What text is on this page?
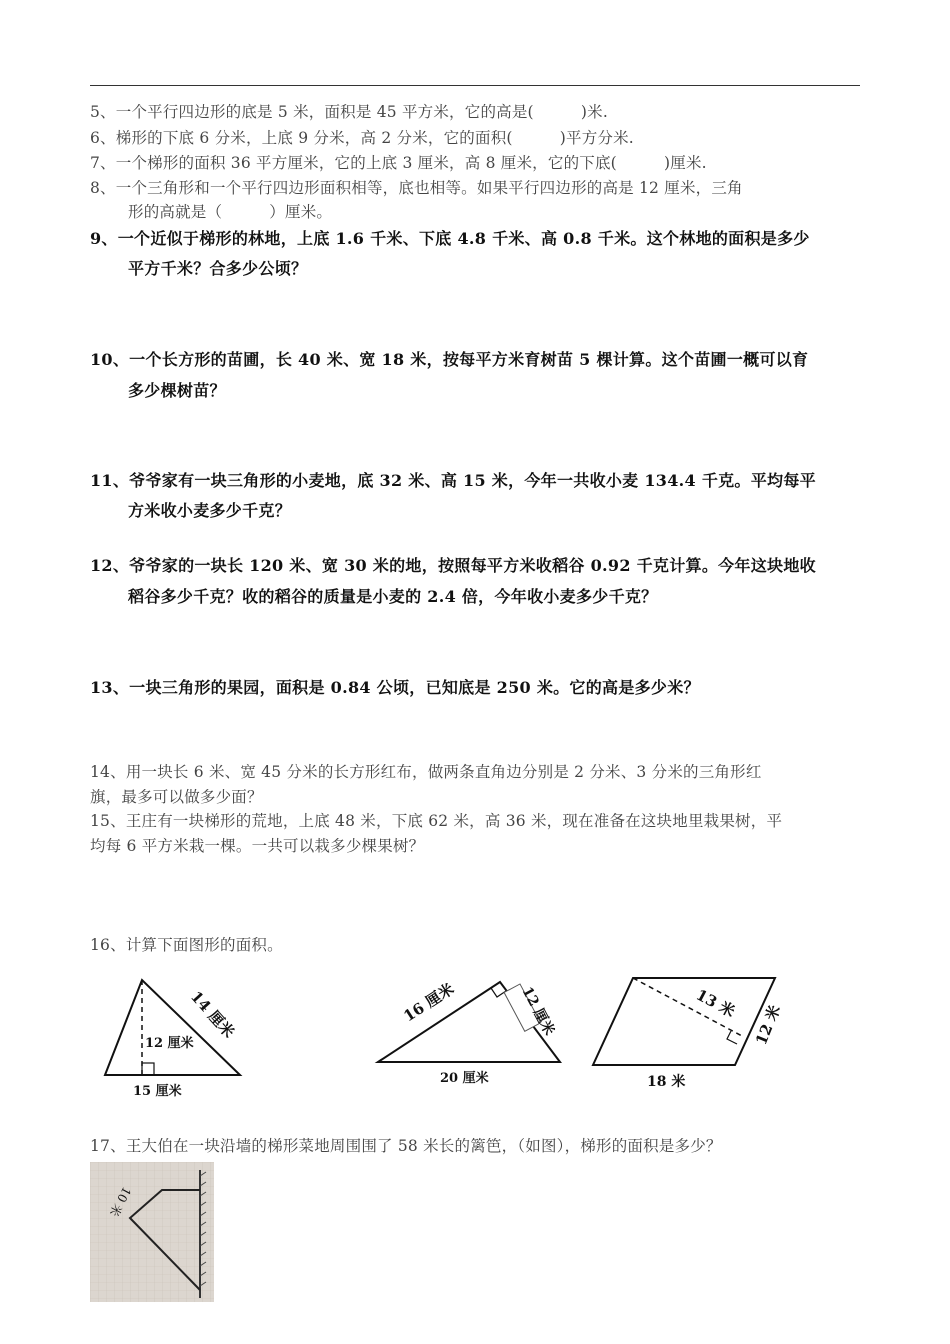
5、一个平行四边形的底是 5 米，面积是 45 平方米，它的高是(　　　)米.
6、梯形的下底 6 分米，上底 9 分米，高 2 分米，它的面积(　　　)平方分米.
7、一个梯形的面积 36 平方厘米，它的上底 3 厘米，高 8 厘米，它的下底(　　　)厘米.
8、一个三角形和一个平行四边形面积相等，底也相等。如果平行四边形的高是 12 厘米，三角
形的高就是（　　　）厘米。
9、一个近似于梯形的林地，上底 1.6 千米、下底 4.8 千米、高 0.8 千米。这个林地的面积是多少
平方千米？合多少公顷？
10、一个长方形的苗圃，长 40 米、宽 18 米，按每平方米育树苗 5 棵计算。这个苗圃一概可以育
多少棵树苗？
11、爷爷家有一块三角形的小麦地，底 32 米、高 15 米，今年一共收小麦 134.4 千克。平均每平
方米收小麦多少千克？
12、爷爷家的一块长 120 米、宽 30 米的地，按照每平方米收稻谷 0.92 千克计算。今年这块地收
稻谷多少千克？收的稻谷的质量是小麦的 2.4 倍，今年收小麦多少千克？
13、一块三角形的果园，面积是 0.84 公顷，已知底是 250 米。它的高是多少米？
14、用一块长 6 米、宽 45 分米的长方形红布，做两条直角边分别是 2 分米、3 分米的三角形红
旗，最多可以做多少面？
15、王庄有一块梯形的荒地，上底 48 米，下底 62 米，高 36 米，现在准备在这块地里栽果树，平
均每 6 平方米栽一棵。一共可以栽多少棵果树？
16、计算下面图形的面积。
14 厘米
12 厘米
15 厘米
16 厘米	12 厘米
20 厘米
13 米 12 米
18 米
17、王大伯在一块沿墙的梯形菜地周围围了 58 米长的篱笆，（如图），梯形的面积是多少？
10 米
